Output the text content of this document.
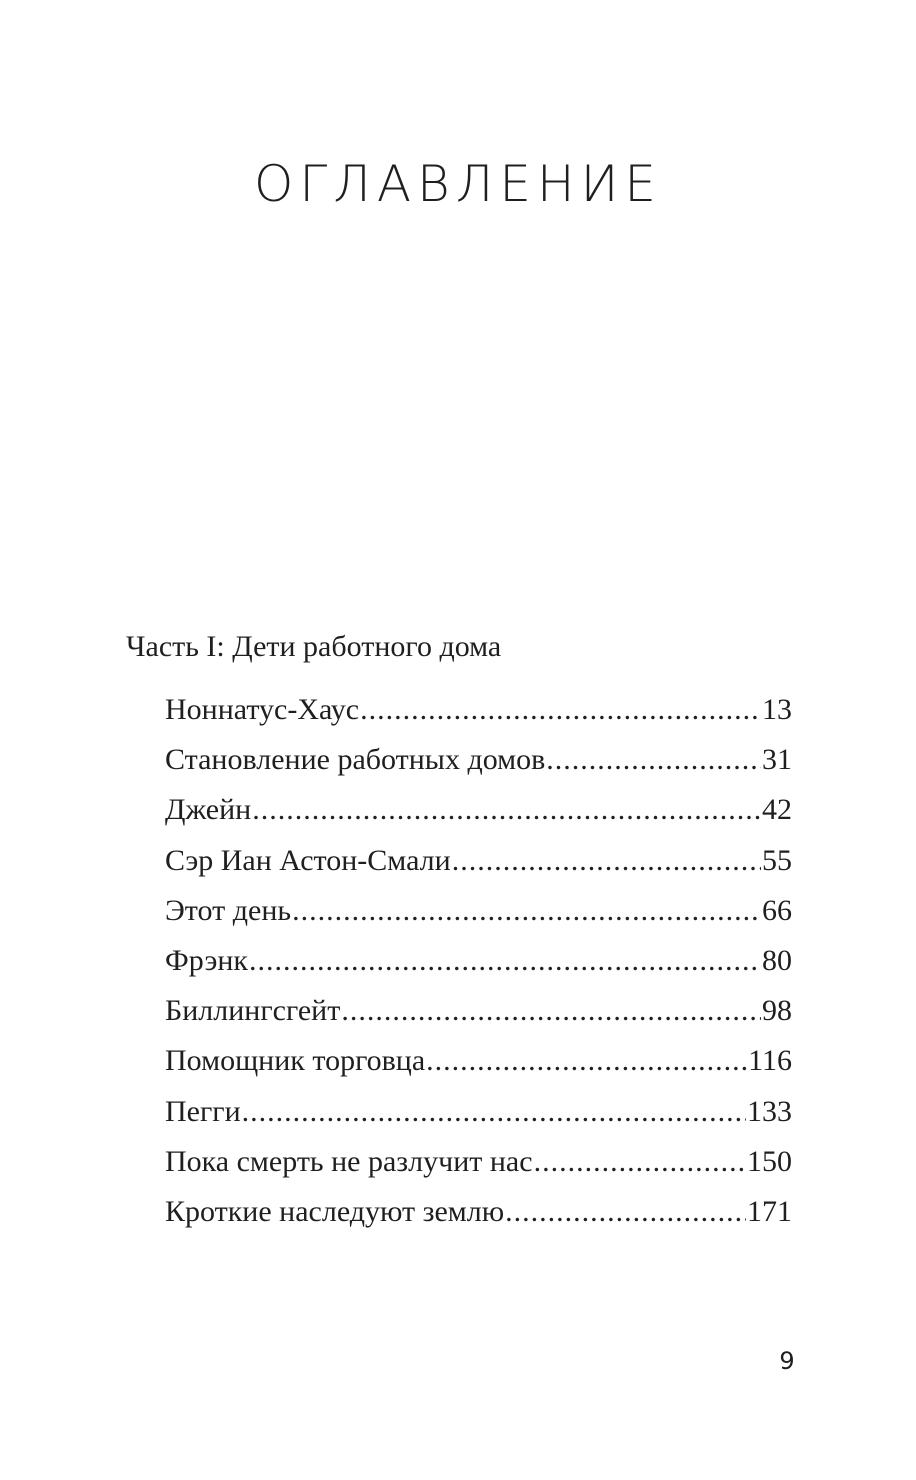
ОГЛАВЛЕНИЕ

Часть I: Дети работного дома

Ноннатус-Хаус .....	13
Становление работных домов .....	31
Джейн .....	42
Сэр Иан Астон-Смали .....	55
Этот день .....	66
Фрэнк .....	80
Биллингсгейт .....	98
Помощник торговца .....	116
Пегги .....	133
Пока смерть не разлучит нас .....	150
Кроткие наследуют землю .....	171

9
